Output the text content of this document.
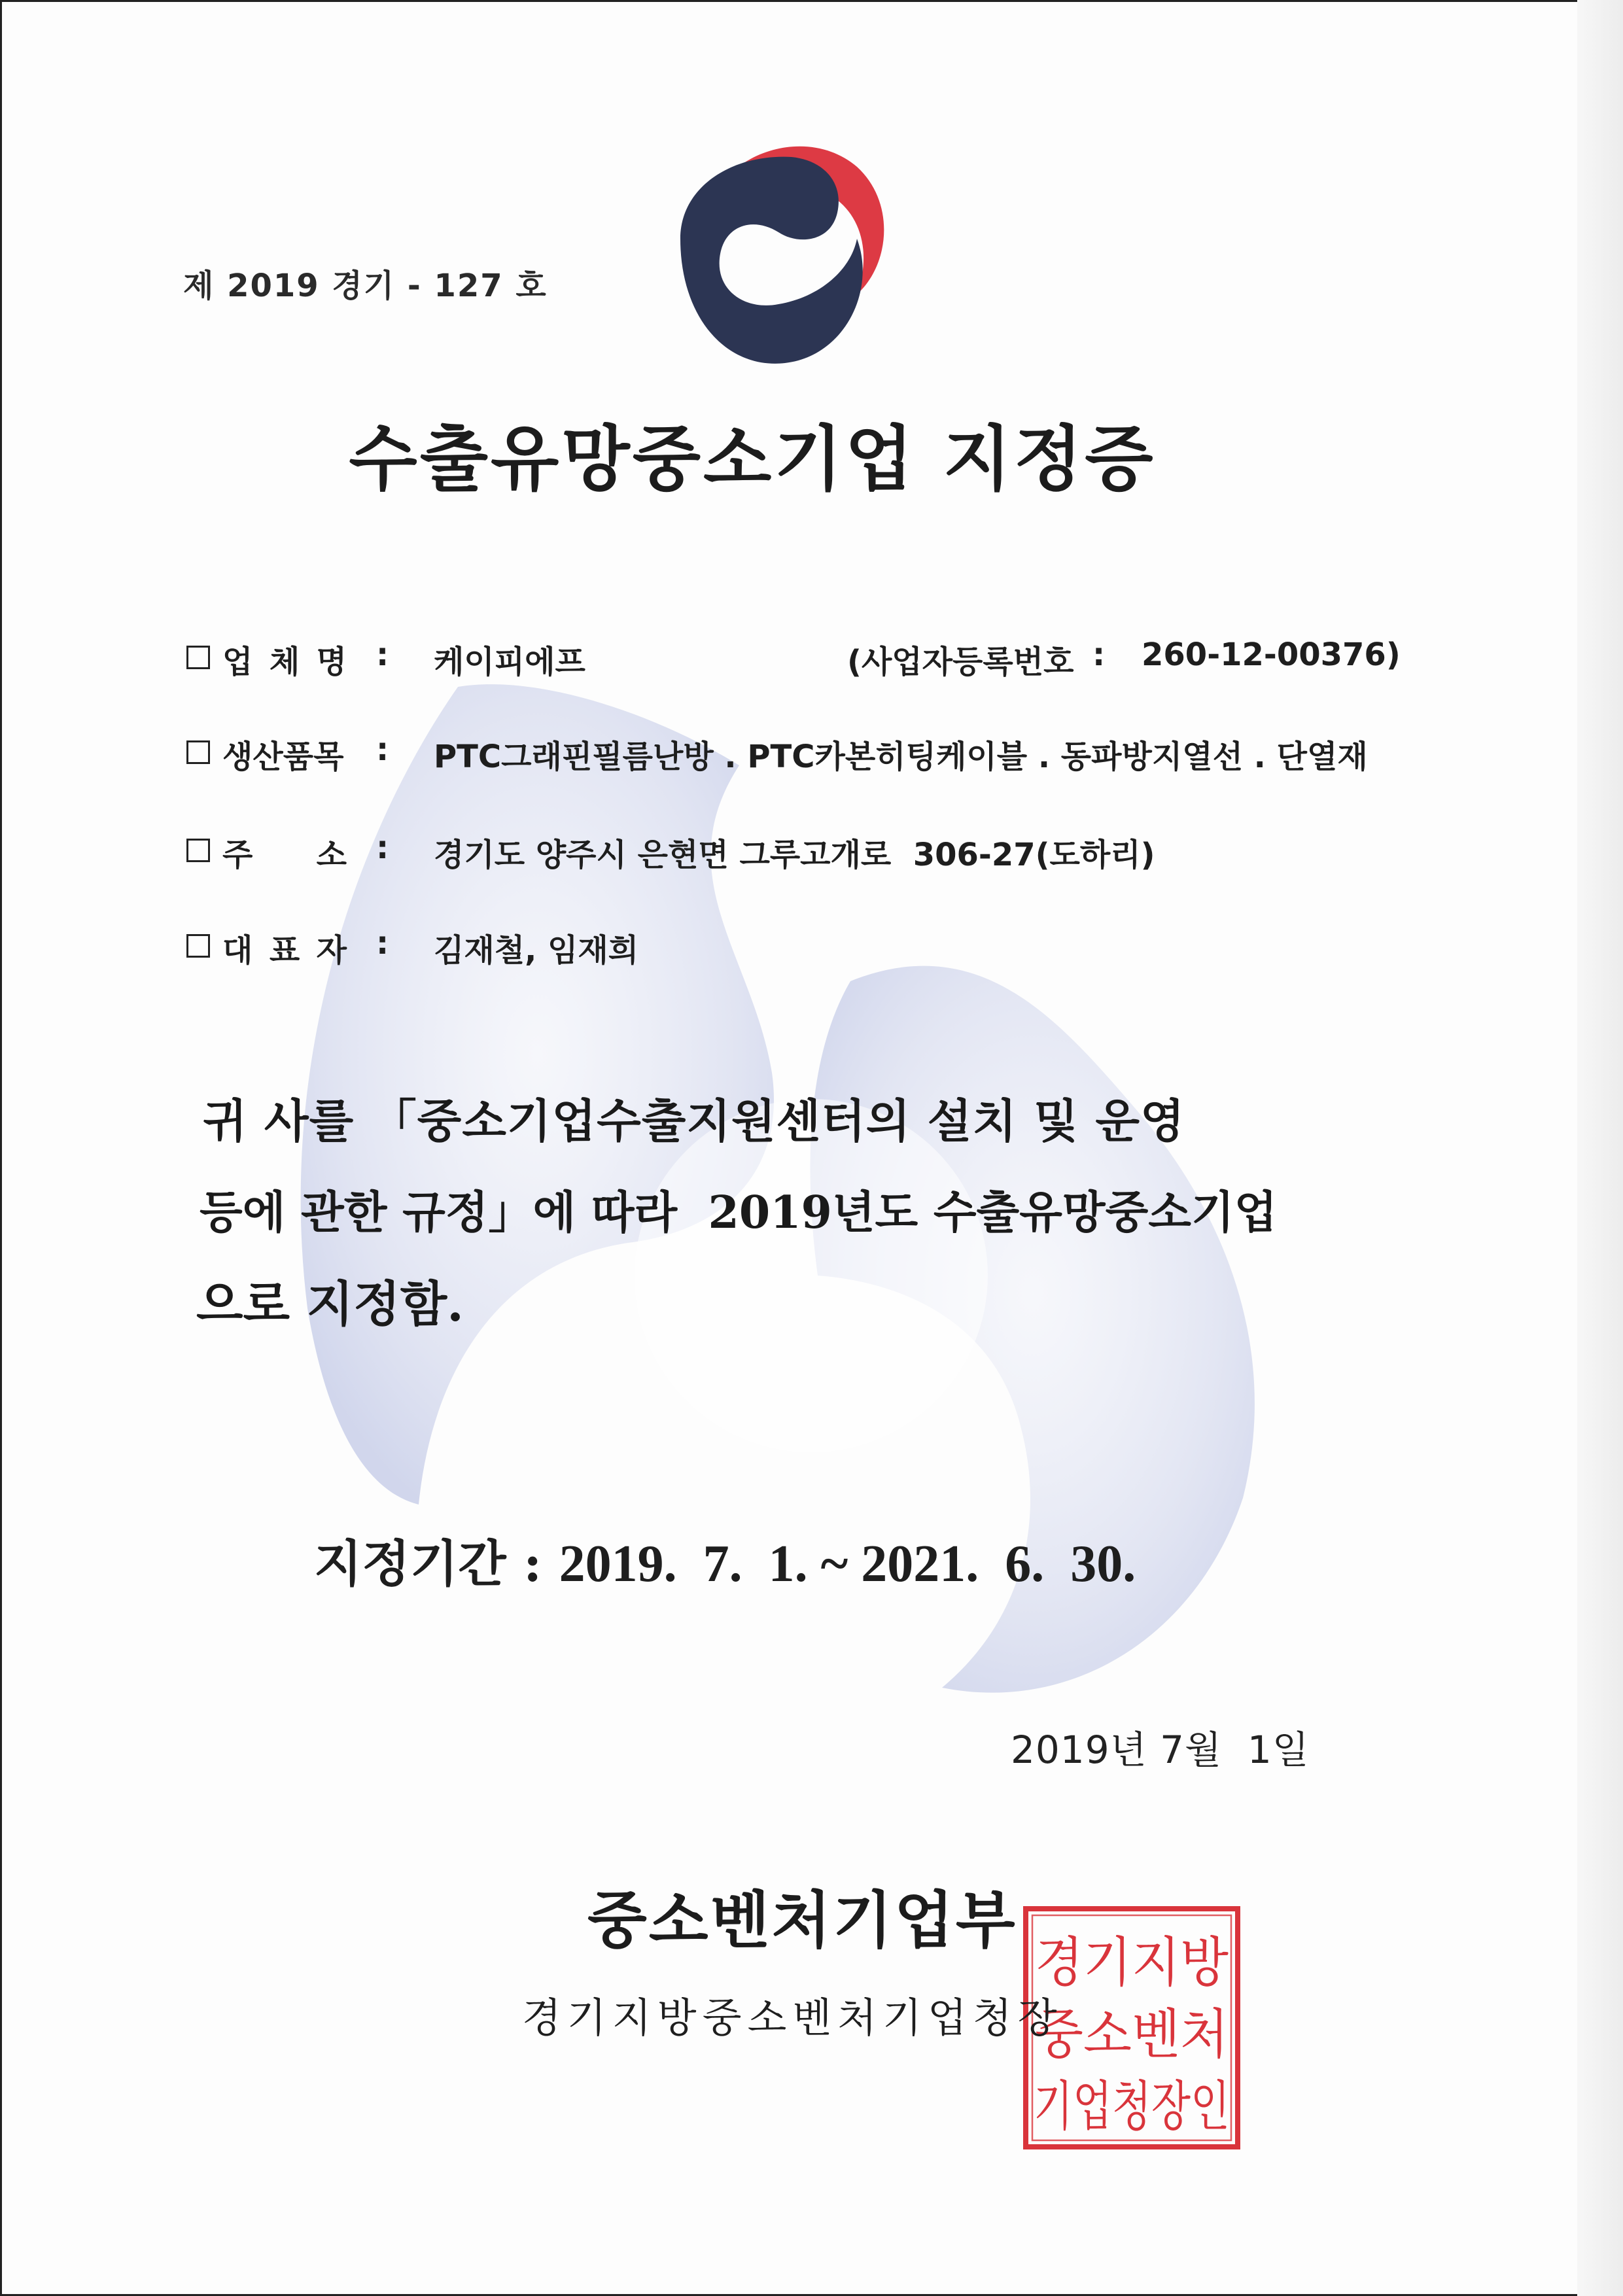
제 2019 경기 - 127 호
수출유망중소기업 지정증
업 체 명 : 케이피에프	(사업자등록번호 : 260-12-00376)
생산품목 : PTC그래핀필름난방 . PTC카본히팅케이블 . 동파방지열선 . 단열재
주   소 : 경기도 양주시 은현면 그루고개로  306-27(도하리)
대 표 자 : 김재철, 임재희
귀 사를 「중소기업수출지원센터의 설치 및 운영
등에 관한 규정」에 따라  2019년도 수출유망중소기업
으로 지정함.
지정기간 : 2019.  7.  1. ~ 2021.  6.  30.
2019년 7월  1일
중소벤처기업부
경기지방
중소벤처
기업청장인
경기지방중소벤처기업청장
